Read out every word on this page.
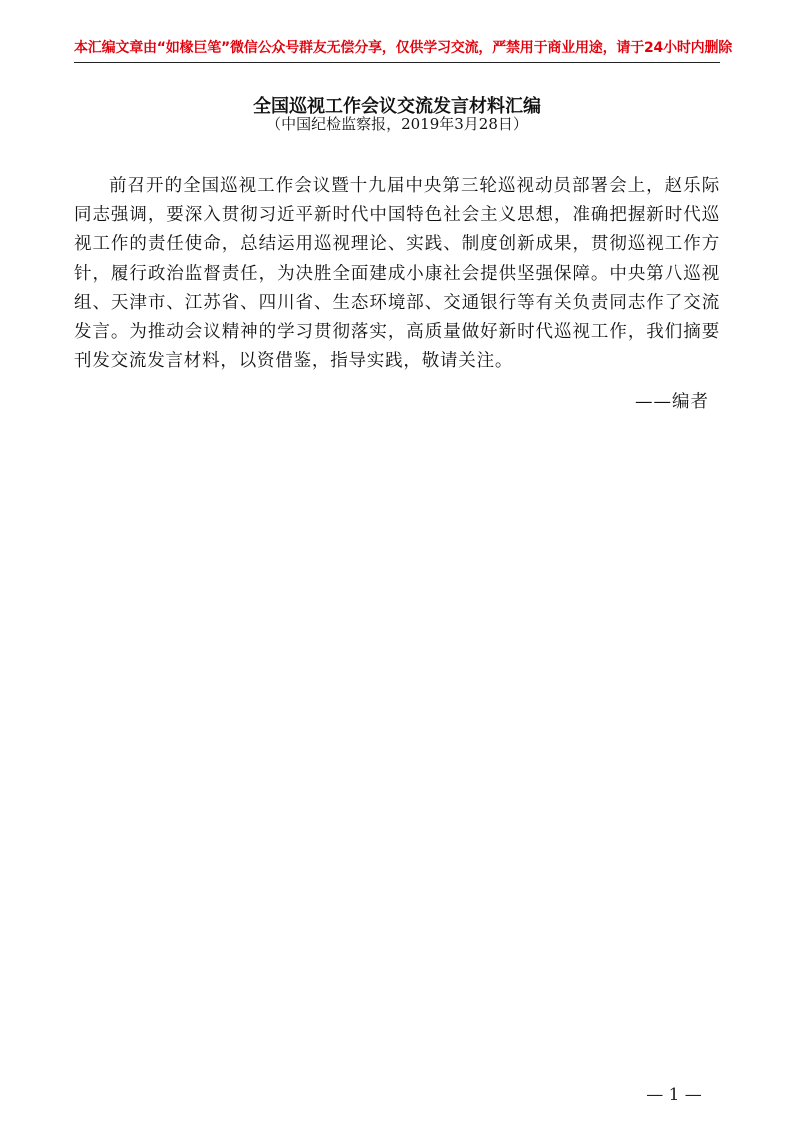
本汇编文章由“如椽巨笔”微信公众号群友无偿分享，仅供学习交流，严禁用于商业用途，请于24小时内删除
全国巡视工作会议交流发言材料汇编
（中国纪检监察报，2019年3月28日）

前召开的全国巡视工作会议暨十九届中央第三轮巡视动员部署会上，赵乐际同志强调，要深入贯彻习近平新时代中国特色社会主义思想，准确把握新时代巡视工作的责任使命，总结运用巡视理论、实践、制度创新成果，贯彻巡视工作方针，履行政治监督责任，为决胜全面建成小康社会提供坚强保障。中央第八巡视组、天津市、江苏省、四川省、生态环境部、交通银行等有关负责同志作了交流发言。为推动会议精神的学习贯彻落实，高质量做好新时代巡视工作，我们摘要刊发交流发言材料，以资借鉴，指导实践，敬请关注。

——编者
— 1 —
